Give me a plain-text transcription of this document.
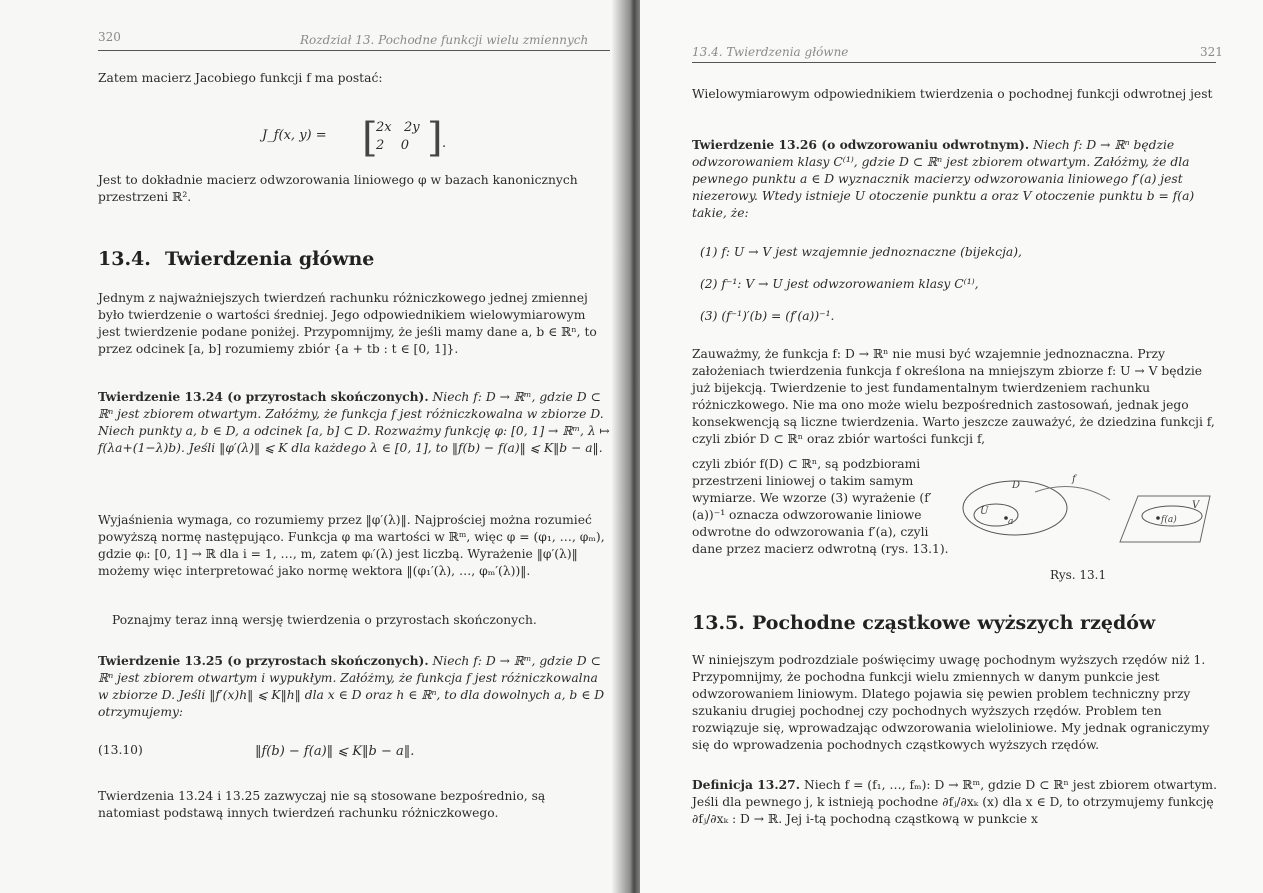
320	Rozdział 13. Pochodne funkcji wielu zmiennych
Zatem macierz Jacobiego funkcji f ma postać:
J_f(x, y) = [
2x   2y
2    0 ] .
Jest to dokładnie macierz odwzorowania liniowego φ w bazach kanonicznych przestrzeni ℝ².
13.4. Twierdzenia główne
Jednym z najważniejszych twierdzeń rachunku różniczkowego jednej zmiennej było twierdzenie o wartości średniej. Jego odpowiednikiem wielowymiarowym jest twierdzenie podane poniżej. Przypomnijmy, że jeśli mamy dane a, b ∈ ℝⁿ, to przez odcinek [a, b] rozumiemy zbiór {a + tb : t ∈ [0, 1]}.
Twierdzenie 13.24 (o przyrostach skończonych). Niech f: D → ℝᵐ, gdzie D ⊂ ℝⁿ jest zbiorem otwartym. Załóżmy, że funkcja f jest różniczkowalna w zbiorze D. Niech punkty a, b ∈ D, a odcinek [a, b] ⊂ D. Rozważmy funkcję φ: [0, 1] → ℝᵐ, λ ↦ f(λa+(1−λ)b). Jeśli ‖φ′(λ)‖ ⩽ K dla każdego λ ∈ [0, 1], to ‖f(b) − f(a)‖ ⩽ K‖b − a‖.
Wyjaśnienia wymaga, co rozumiemy przez ‖φ′(λ)‖. Najprościej można rozumieć powyższą normę następująco. Funkcja φ ma wartości w ℝᵐ, więc φ = (φ₁, …, φₘ), gdzie φᵢ: [0, 1] → ℝ dla i = 1, …, m, zatem φᵢ′(λ) jest liczbą. Wyrażenie ‖φ′(λ)‖ możemy więc interpretować jako normę wektora ‖(φ₁′(λ), …, φₘ′(λ))‖.
Poznajmy teraz inną wersję twierdzenia o przyrostach skończonych.
Twierdzenie 13.25 (o przyrostach skończonych). Niech f: D → ℝᵐ, gdzie D ⊂ ℝⁿ jest zbiorem otwartym i wypukłym. Załóżmy, że funkcja f jest różniczkowalna w zbiorze D. Jeśli ‖f′(x)h‖ ⩽ K‖h‖ dla x ∈ D oraz h ∈ ℝⁿ, to dla dowolnych a, b ∈ D otrzymujemy:
(13.10)	‖f(b) − f(a)‖ ⩽ K‖b − a‖.
Twierdzenia 13.24 i 13.25 zazwyczaj nie są stosowane bezpośrednio, są natomiast podstawą innych twierdzeń rachunku różniczkowego.
13.4. Twierdzenia główne	321
Wielowymiarowym odpowiednikiem twierdzenia o pochodnej funkcji odwrotnej jest
Twierdzenie 13.26 (o odwzorowaniu odwrotnym). Niech f: D → ℝⁿ będzie odwzorowaniem klasy C⁽¹⁾, gdzie D ⊂ ℝⁿ jest zbiorem otwartym. Załóżmy, że dla pewnego punktu a ∈ D wyznacznik macierzy odwzorowania liniowego f′(a) jest niezerowy. Wtedy istnieje U otoczenie punktu a oraz V otoczenie punktu b = f(a) takie, że:
(1) f: U → V jest wzajemnie jednoznaczne (bijekcja),
(2) f⁻¹: V → U jest odwzorowaniem klasy C⁽¹⁾,
(3) (f⁻¹)′(b) = (f′(a))⁻¹.
Zauważmy, że funkcja f: D → ℝⁿ nie musi być wzajemnie jednoznaczna. Przy założeniach twierdzenia funkcja f określona na mniejszym zbiorze f: U → V będzie już bijekcją. Twierdzenie to jest fundamentalnym twierdzeniem rachunku różniczkowego. Nie ma ono może wielu bezpośrednich zastosowań, jednak jego konsekwencją są liczne twierdzenia. Warto jeszcze zauważyć, że dziedzina funkcji f, czyli zbiór D ⊂ ℝⁿ oraz zbiór wartości funkcji f,
czyli zbiór f(D) ⊂ ℝⁿ, są podzbiorami przestrzeni liniowej o takim samym wymiarze. We wzorze (3) wyrażenie (f′(a))⁻¹ oznacza odwzorowanie liniowe odwrotne do odwzorowania f′(a), czyli dane przez macierz odwrotną (rys. 13.1).
D
U
a
f
V
f(a)
Rys. 13.1
13.5. Pochodne cząstkowe wyższych rzędów
W niniejszym podrozdziale poświęcimy uwagę pochodnym wyższych rzędów niż 1. Przypomnijmy, że pochodna funkcji wielu zmiennych w danym punkcie jest odwzorowaniem liniowym. Dlatego pojawia się pewien problem techniczny przy szukaniu drugiej pochodnej czy pochodnych wyższych rzędów. Problem ten rozwiązuje się, wprowadzając odwzorowania wieloliniowe. My jednak ograniczymy się do wprowadzenia pochodnych cząstkowych wyższych rzędów.
Definicja 13.27. Niech f = (f₁, …, fₘ): D → ℝᵐ, gdzie D ⊂ ℝⁿ jest zbiorem otwartym. Jeśli dla pewnego j, k istnieją pochodne ∂fⱼ/∂xₖ (x) dla x ∈ D, to otrzymujemy funkcję ∂fⱼ/∂xₖ : D → ℝ. Jej i-tą pochodną cząstkową w punkcie x
